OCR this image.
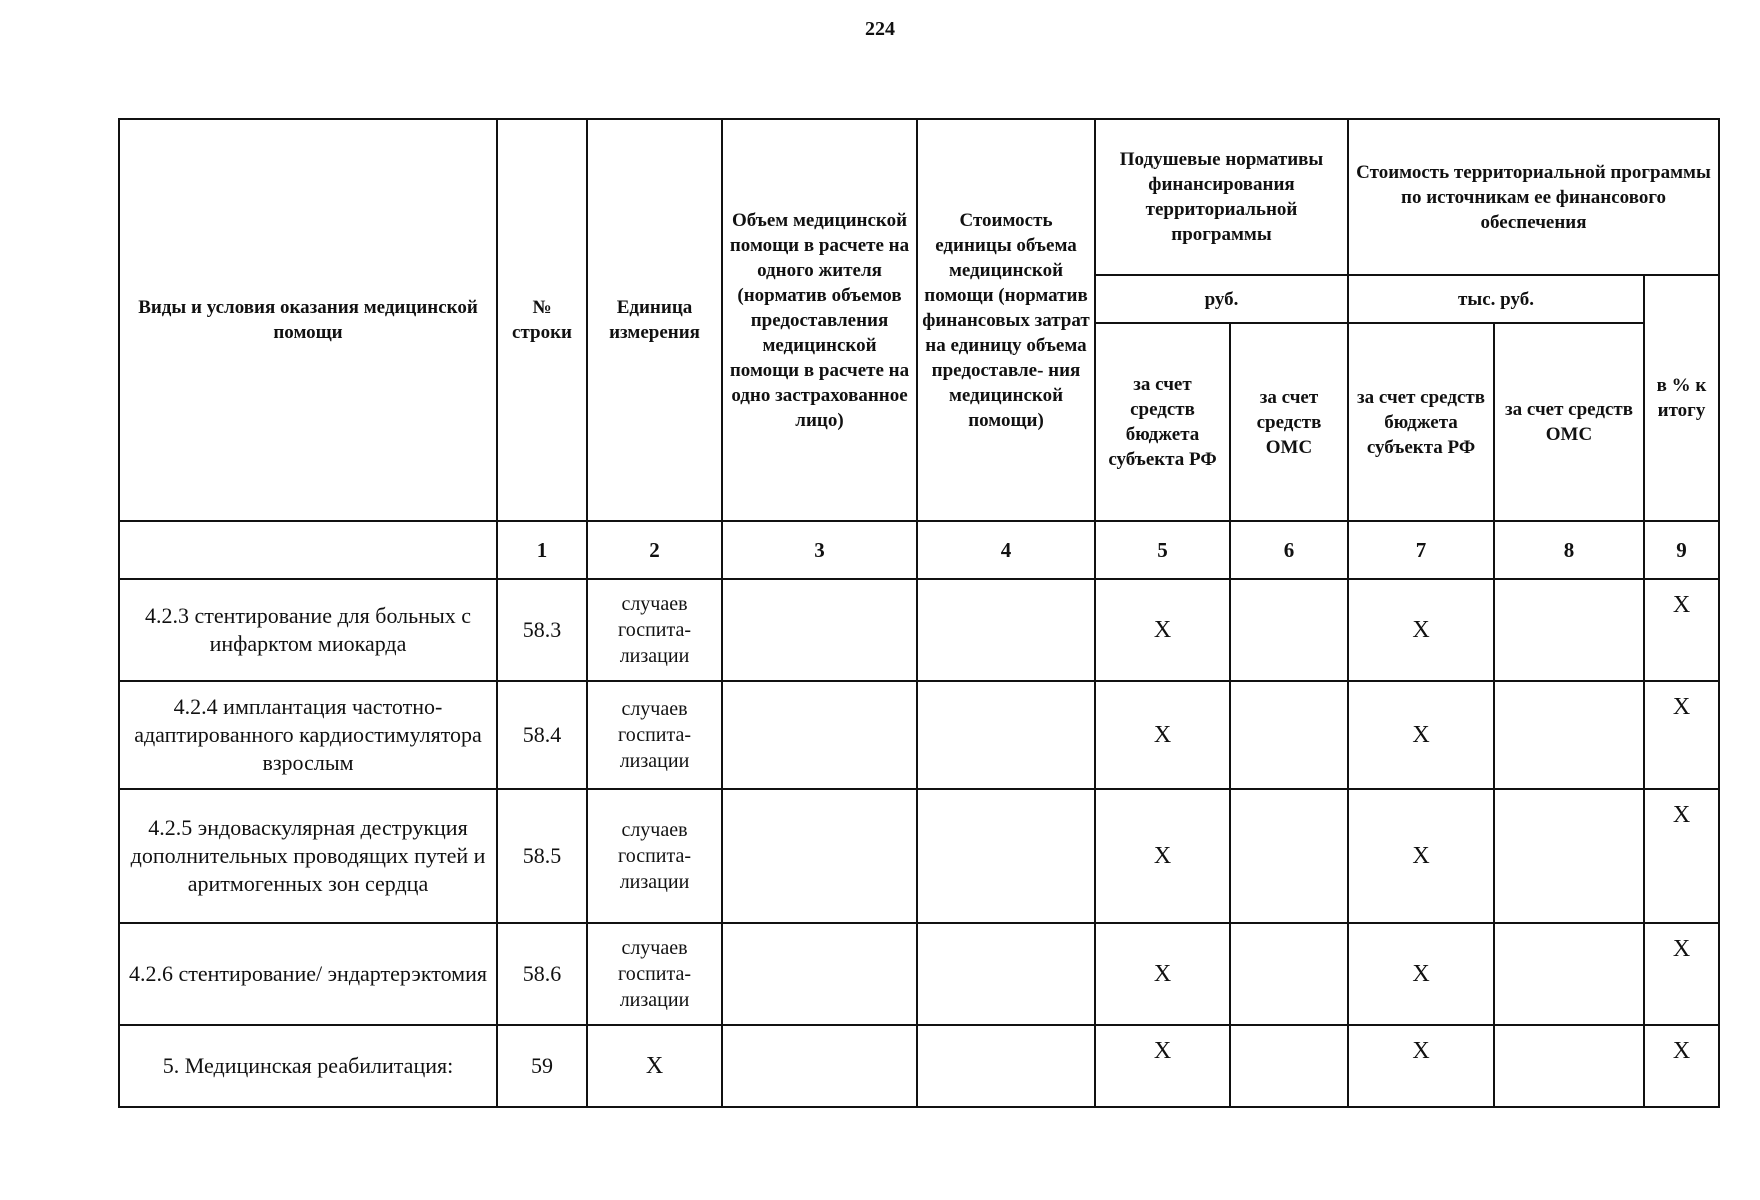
224
Виды и условия оказания медицинской помощи	№ строки	Единица измерения	Объем медицинской помощи в расчете на одного жителя (норматив объемов предоставления медицинской помощи в расчете на одно застрахованное лицо)	Стоимость единицы объема медицинской помощи (норматив финансовых затрат на единицу объема предоставле- ния медицинской помощи)	Подушевые нормативы финансирования территориальной программы		Стоимость территориальной программы по источникам ее финансового обеспечения		
					руб.		тыс. руб.		в % к итогу
					за счет средств бюджета субъекта РФ	за счет средств ОМС	за счет средств бюджета субъекта РФ	за счет средств ОМС	
	1	2	3	4	5	6	7	8	9
4.2.3 стентирование для больных с инфарктом миокарда	58.3	случаев госпита- лизации			X		X		X
4.2.4 имплантация частотно- адаптированного кардиостимулятора взрослым	58.4	случаев госпита- лизации			X		X		X
4.2.5 эндоваскулярная деструкция дополнительных проводящих путей и аритмогенных зон сердца	58.5	случаев госпита- лизации			X		X		X
4.2.6 стентирование/ эндартерэктомия	58.6	случаев госпита- лизации			X		X		X
5. Медицинская реабилитация:	59	X			X		X		X
